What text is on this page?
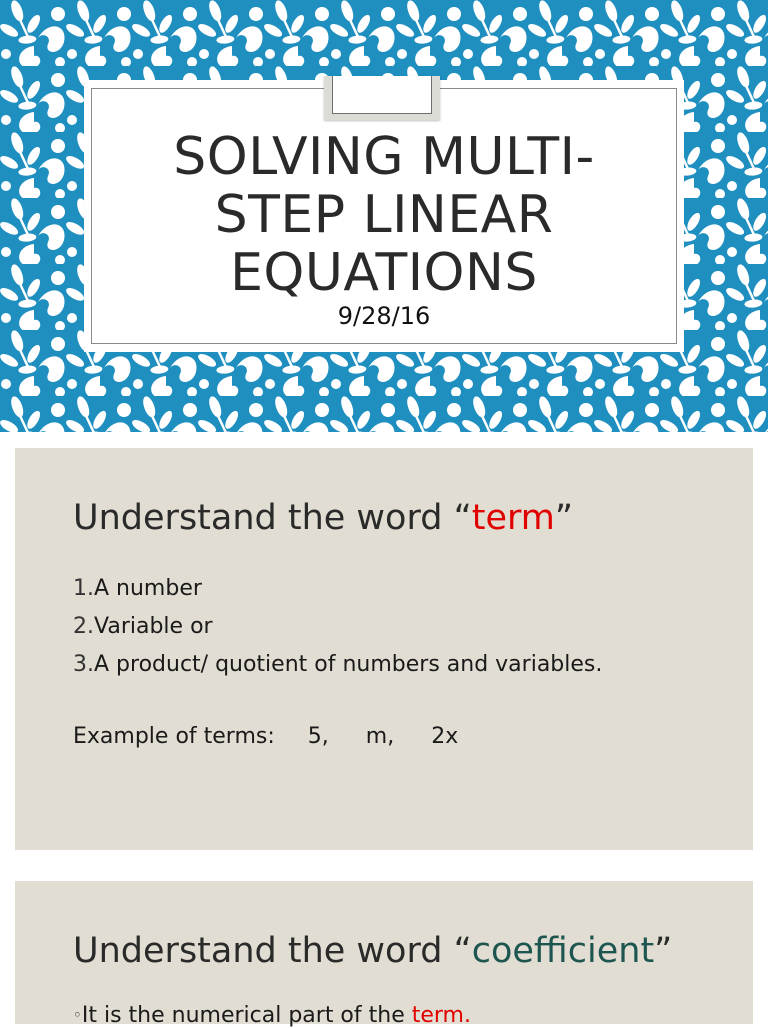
SOLVING MULTI-
STEP LINEAR
EQUATIONS
9/28/16
Understand the word “term”
1.A number
2.Variable or
3.A product/ quotient of numbers and variables.
Example of terms: 5, m, 2x
Understand the word “coefficient”
◦It is the numerical part of the term.
